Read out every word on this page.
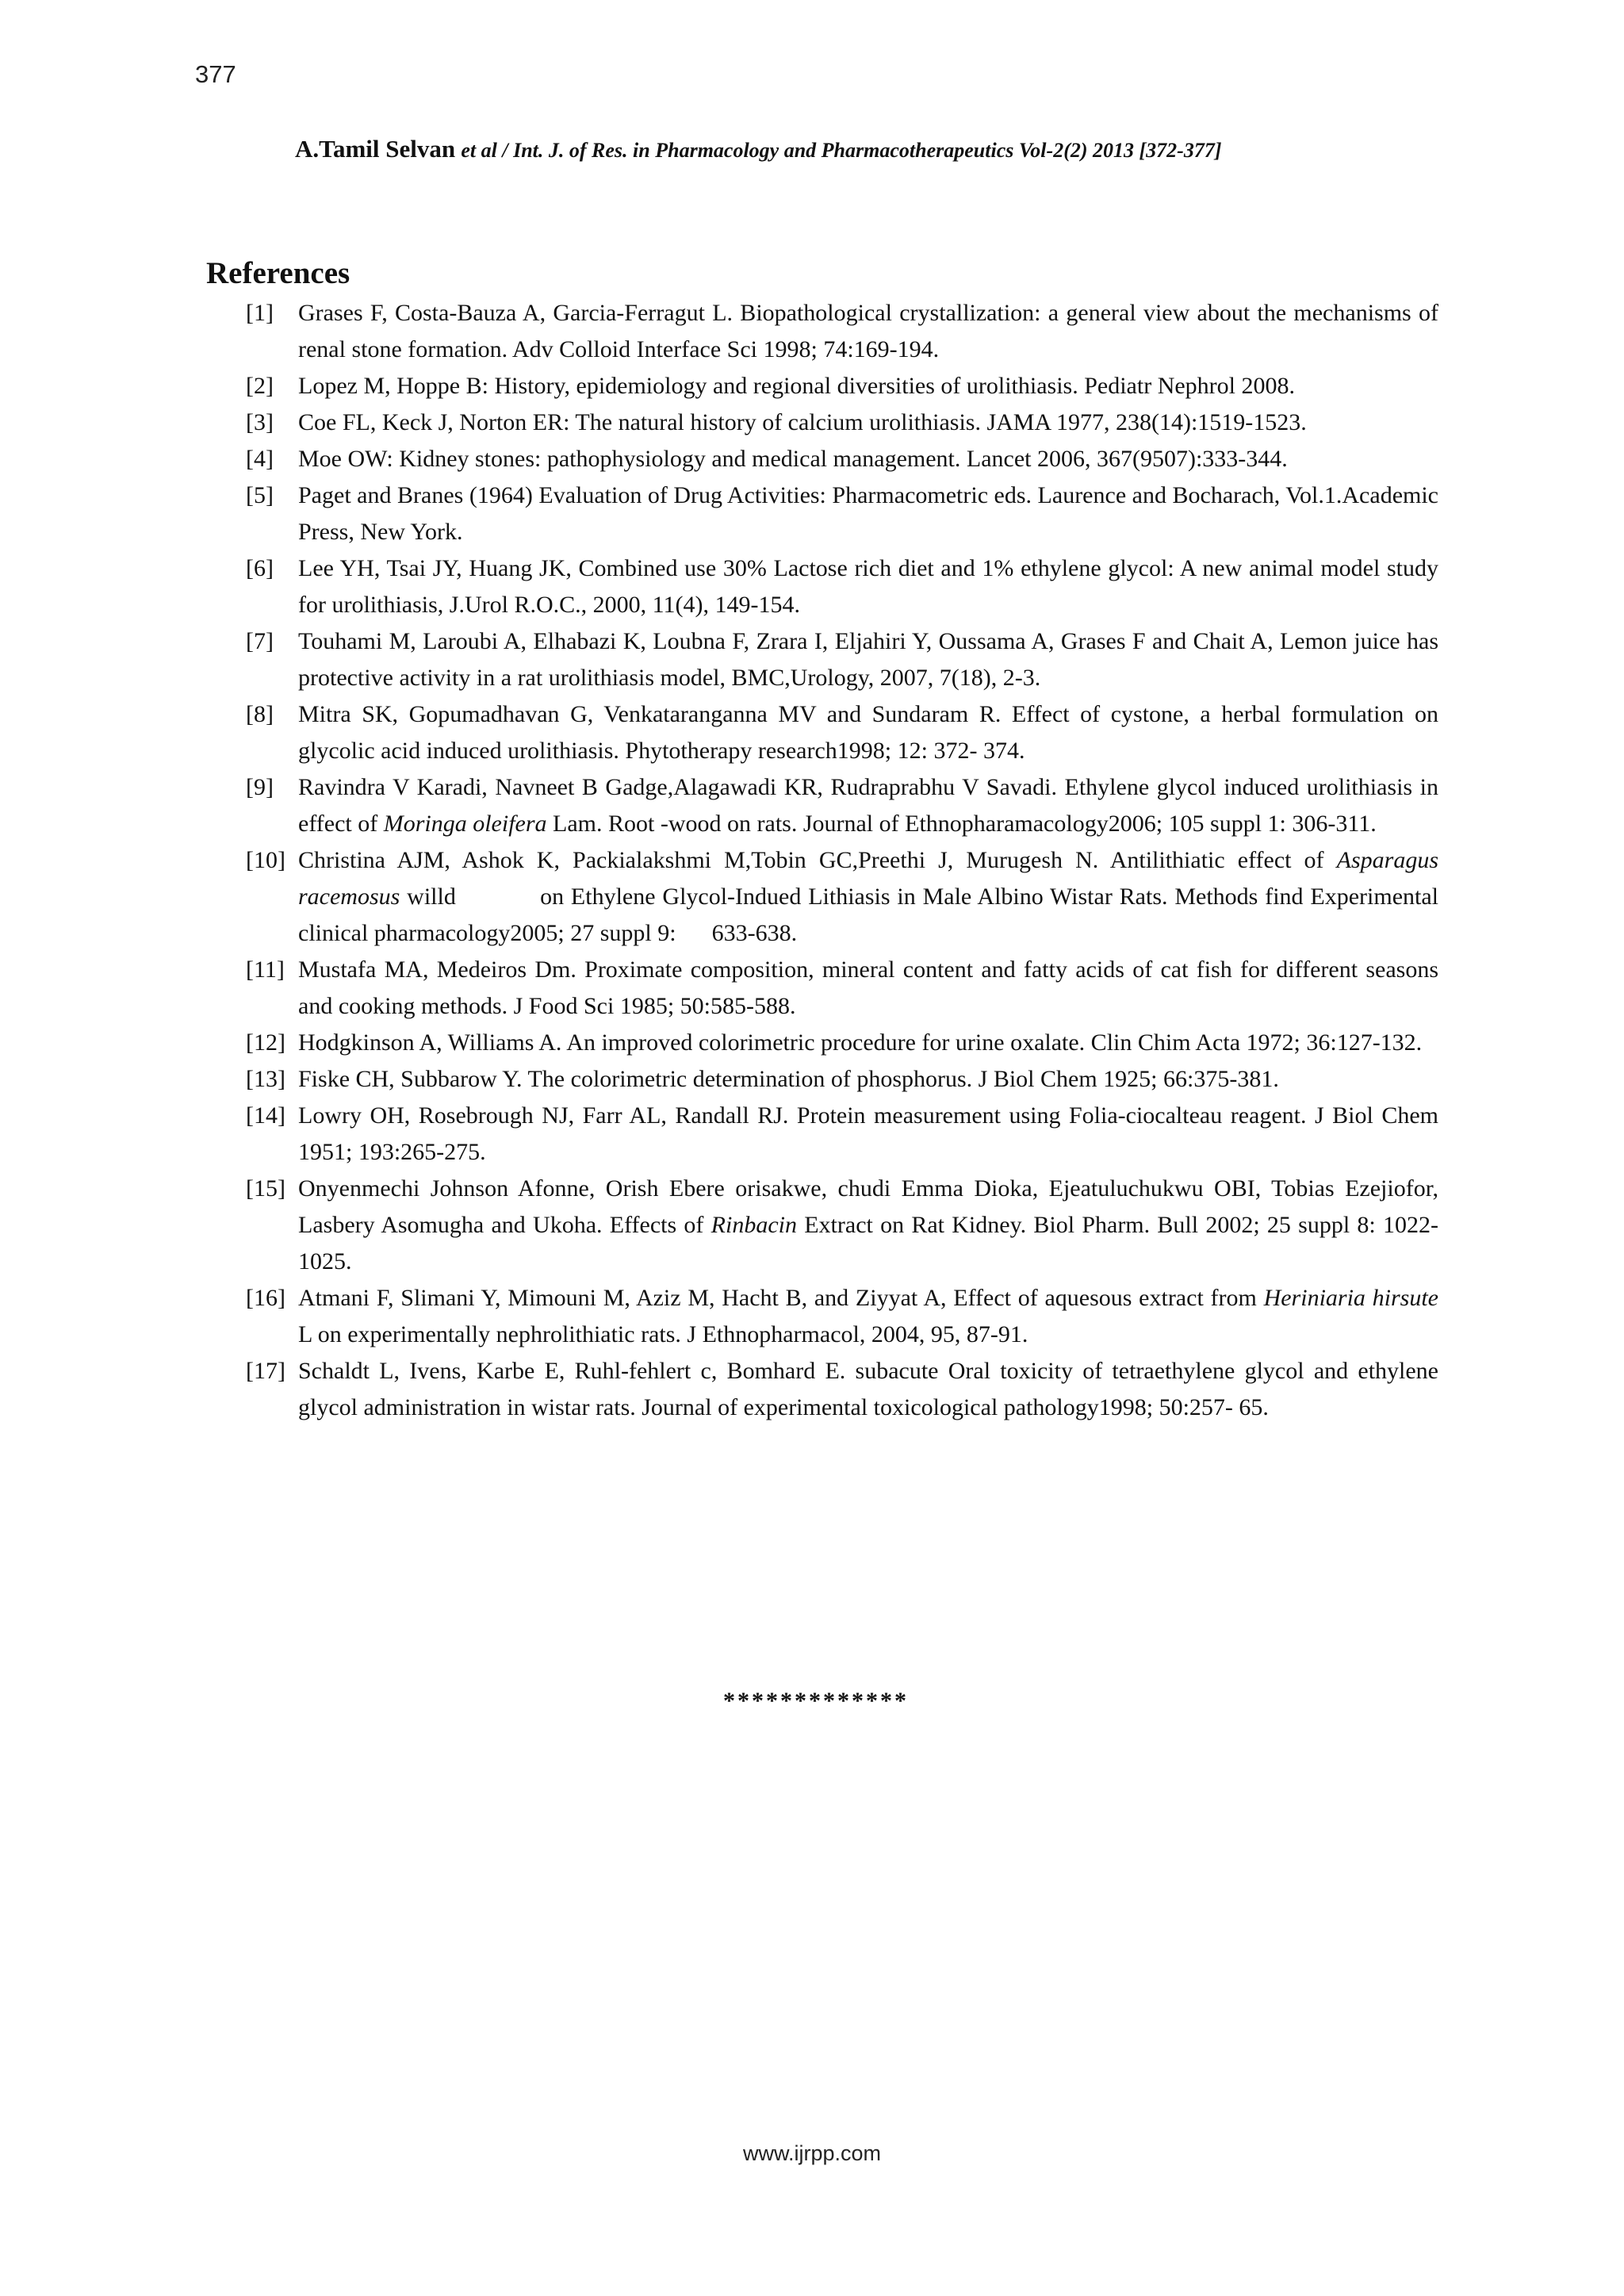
377
A.Tamil Selvan et al / Int. J. of Res. in Pharmacology and Pharmacotherapeutics Vol-2(2) 2013 [372-377]
References
[1] Grases F, Costa-Bauza A, Garcia-Ferragut L. Biopathological crystallization: a general view about the mechanisms of renal stone formation. Adv Colloid Interface Sci 1998; 74:169-194.
[2] Lopez M, Hoppe B: History, epidemiology and regional diversities of urolithiasis. Pediatr Nephrol 2008.
[3] Coe FL, Keck J, Norton ER: The natural history of calcium urolithiasis. JAMA 1977, 238(14):1519-1523.
[4] Moe OW: Kidney stones: pathophysiology and medical management. Lancet 2006, 367(9507):333-344.
[5] Paget and Branes (1964) Evaluation of Drug Activities: Pharmacometric eds. Laurence and Bocharach, Vol.1.Academic Press, New York.
[6] Lee YH, Tsai JY, Huang JK, Combined use 30% Lactose rich diet and 1% ethylene glycol: A new animal model study for urolithiasis, J.Urol R.O.C., 2000, 11(4), 149-154.
[7] Touhami M, Laroubi A, Elhabazi K, Loubna F, Zrara I, Eljahiri Y, Oussama A, Grases F and Chait A, Lemon juice has protective activity in a rat urolithiasis model, BMC,Urology, 2007, 7(18), 2-3.
[8] Mitra SK, Gopumadhavan G, Venkataranganna MV and Sundaram R. Effect of cystone, a herbal formulation on glycolic acid induced urolithiasis. Phytotherapy research1998; 12: 372- 374.
[9] Ravindra V Karadi, Navneet B Gadge,Alagawadi KR, Rudraprabhu V Savadi. Ethylene glycol induced urolithiasis in effect of Moringa oleifera Lam. Root -wood on rats. Journal of Ethnopharamacology2006; 105 suppl 1: 306-311.
[10] Christina AJM, Ashok K, Packialakshmi M,Tobin GC,Preethi J, Murugesh N. Antilithiatic effect of Asparagus racemosus willd            on Ethylene Glycol-Indued Lithiasis in Male Albino Wistar Rats. Methods find Experimental clinical pharmacology2005; 27 suppl 9:      633-638.
[11] Mustafa MA, Medeiros Dm. Proximate composition, mineral content and fatty acids of cat fish for different seasons and cooking methods. J Food Sci 1985; 50:585-588.
[12] Hodgkinson A, Williams A. An improved colorimetric procedure for urine oxalate. Clin Chim Acta 1972; 36:127-132.
[13] Fiske CH, Subbarow Y. The colorimetric determination of phosphorus. J Biol Chem 1925; 66:375-381.
[14] Lowry OH, Rosebrough NJ, Farr AL, Randall RJ. Protein measurement using Folia-ciocalteau reagent. J Biol Chem 1951; 193:265-275.
[15] Onyenmechi Johnson Afonne, Orish Ebere orisakwe, chudi Emma Dioka, Ejeatuluchukwu OBI, Tobias Ezejiofor, Lasbery Asomugha and Ukoha. Effects of Rinbacin Extract on Rat Kidney. Biol Pharm. Bull 2002; 25 suppl 8: 1022-1025.
[16] Atmani F, Slimani Y, Mimouni M, Aziz M, Hacht B, and Ziyyat A, Effect of aquesous extract from Heriniaria hirsute L on experimentally nephrolithiatic rats. J Ethnopharmacol, 2004, 95, 87-91.
[17] Schaldt L, Ivens, Karbe E, Ruhl-fehlert c, Bomhard E. subacute Oral toxicity of tetraethylene glycol and ethylene glycol administration in wistar rats. Journal of experimental toxicological pathology1998; 50:257- 65.
*************
www.ijrpp.com
